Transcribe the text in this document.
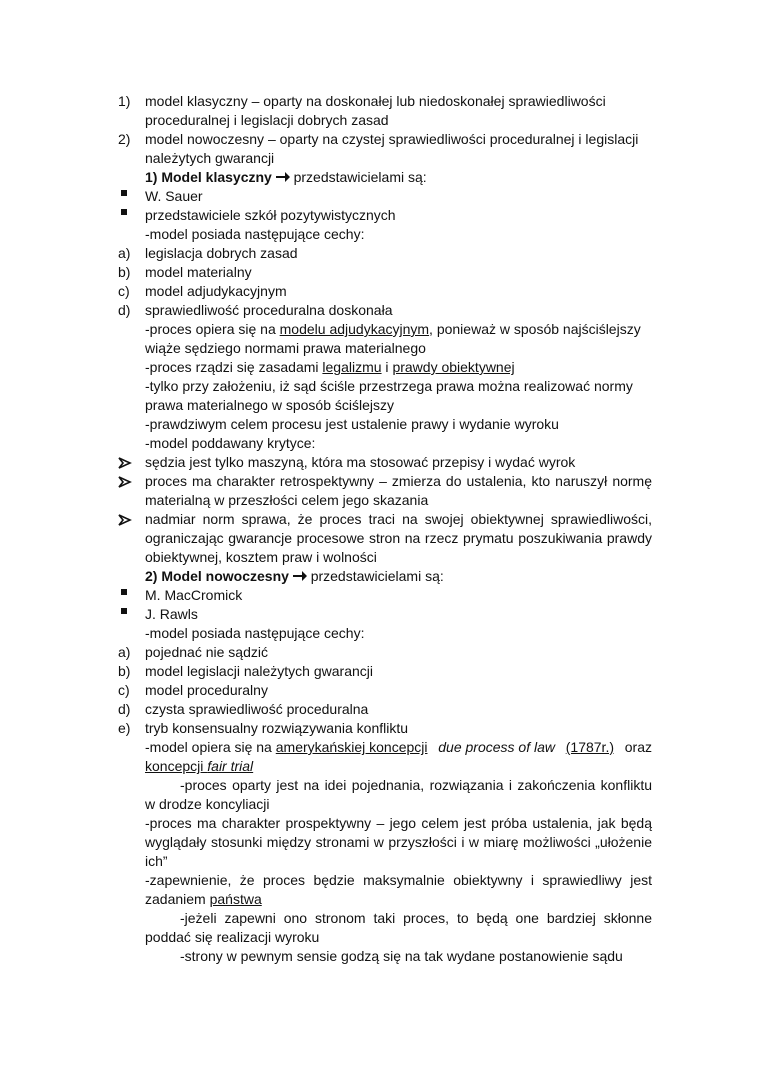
1)	model klasyczny – oparty na doskonałej lub niedoskonałej sprawiedliwości
proceduralnej i legislacji dobrych zasad
2)	model nowoczesny – oparty na czystej sprawiedliwości proceduralnej i legislacji
należytych gwarancji
1) Model klasyczny  przedstawicielami są:
W. Sauer
przedstawiciele szkół pozytywistycznych
-model posiada następujące cechy:
a)	legislacja dobrych zasad
b)	model materialny
c)	model adjudykacyjnym
d)	sprawiedliwość proceduralna doskonała
-proces opiera się na modelu adjudykacyjnym, ponieważ w sposób najściślejszy
wiąże sędziego normami prawa materialnego
-proces rządzi się zasadami legalizmu i prawdy obiektywnej
-tylko przy założeniu, iż sąd ściśle przestrzega prawa można realizować normy
prawa materialnego w sposób ściślejszy
-prawdziwym celem procesu jest ustalenie prawy i wydanie wyroku
-model poddawany krytyce:
sędzia jest tylko maszyną, która ma stosować przepisy i wydać wyrok
proces ma charakter retrospektywny – zmierza do ustalenia, kto naruszył normę
materialną w przeszłości celem jego skazania
nadmiar norm sprawa, że proces traci na swojej obiektywnej sprawiedliwości,
ograniczając gwarancje procesowe stron na rzecz prymatu poszukiwania prawdy
obiektywnej, kosztem praw i wolności
2) Model nowoczesny  przedstawicielami są:
M. MacCromick
J. Rawls
-model posiada następujące cechy:
a)	pojednać nie sądzić
b)	model legislacji należytych gwarancji
c)	model proceduralny
d)	czysta sprawiedliwość proceduralna
e)	tryb konsensualny rozwiązywania konfliktu
-model opiera się na amerykańskiej koncepcji due process of law (1787r.) oraz
koncepcji fair trial
-proces oparty jest na idei pojednania, rozwiązania i zakończenia konfliktu
w drodze koncyliacji
-proces ma charakter prospektywny – jego celem jest próba ustalenia, jak będą
wyglądały stosunki między stronami w przyszłości i w miarę możliwości „ułożenie
ich”
-zapewnienie, że proces będzie maksymalnie obiektywny i sprawiedliwy jest
zadaniem państwa
-jeżeli zapewni ono stronom taki proces, to będą one bardziej skłonne
poddać się realizacji wyroku
-strony w pewnym sensie godzą się na tak wydane postanowienie sądu
